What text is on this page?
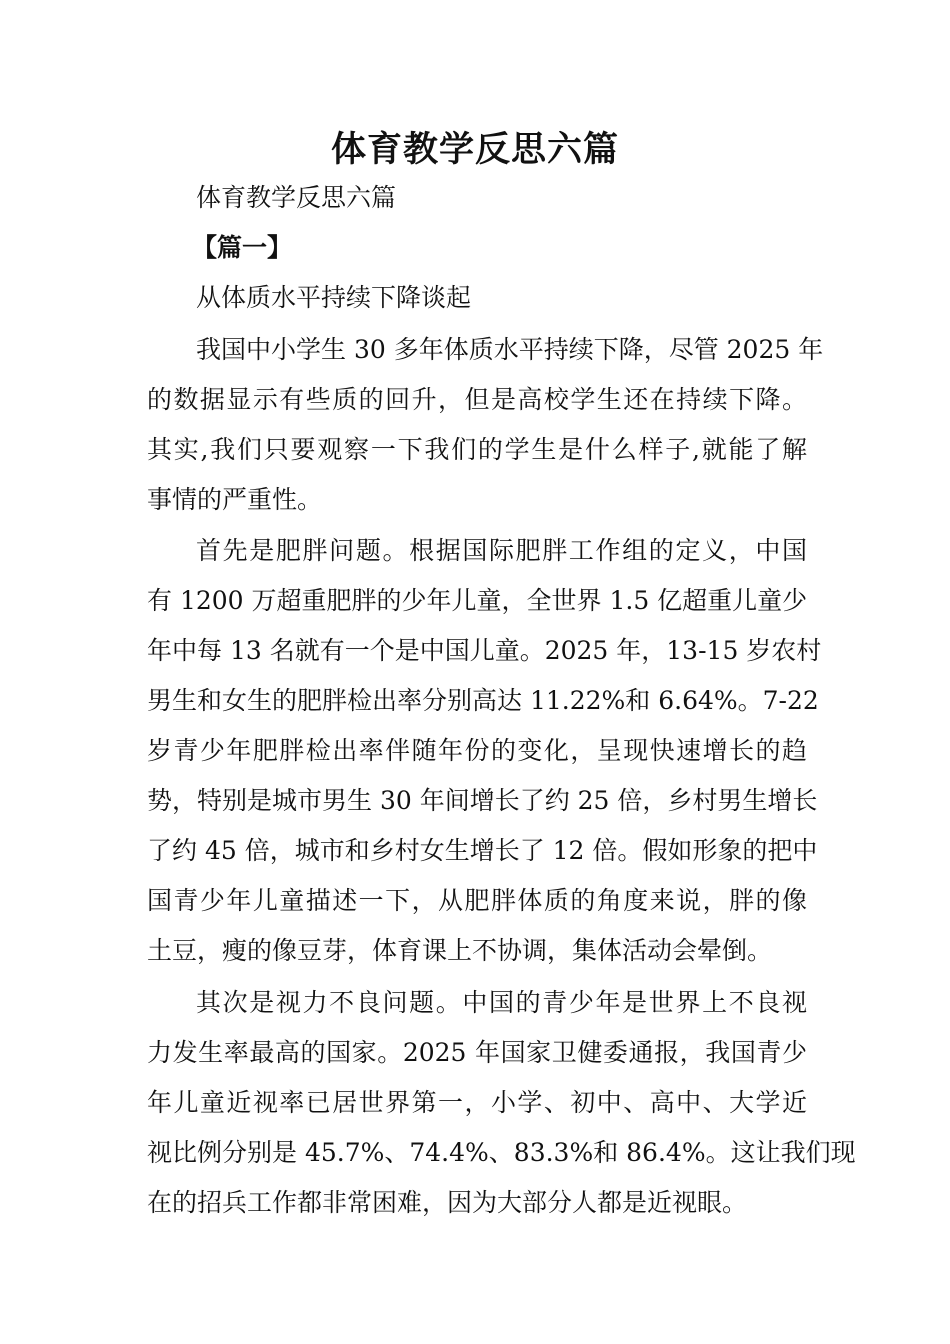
体育教学反思六篇

体育教学反思六篇

【篇一】

从体质水平持续下降谈起

我国中小学生 30 多年体质水平持续下降，尽管 2025 年

的数据显示有些质的回升，但是高校学生还在持续下降。

其实,我们只要观察一下我们的学生是什么样子,就能了解

事情的严重性。

首先是肥胖问题。根据国际肥胖工作组的定义，中国

有 1200 万超重肥胖的少年儿童，全世界 1.5 亿超重儿童少

年中每 13 名就有一个是中国儿童。2025 年，13-15 岁农村

男生和女生的肥胖检出率分别高达 11.22%和 6.64%。7-22

岁青少年肥胖检出率伴随年份的变化，呈现快速增长的趋

势，特别是城市男生 30 年间增长了约 25 倍，乡村男生增长

了约 45 倍，城市和乡村女生增长了 12 倍。假如形象的把中

国青少年儿童描述一下，从肥胖体质的角度来说，胖的像

土豆，瘦的像豆芽，体育课上不协调，集体活动会晕倒。

其次是视力不良问题。中国的青少年是世界上不良视

力发生率最高的国家。2025 年国家卫健委通报，我国青少

年儿童近视率已居世界第一，小学、初中、高中、大学近

视比例分别是 45.7%、74.4%、83.3%和 86.4%。这让我们现

在的招兵工作都非常困难，因为大部分人都是近视眼。
